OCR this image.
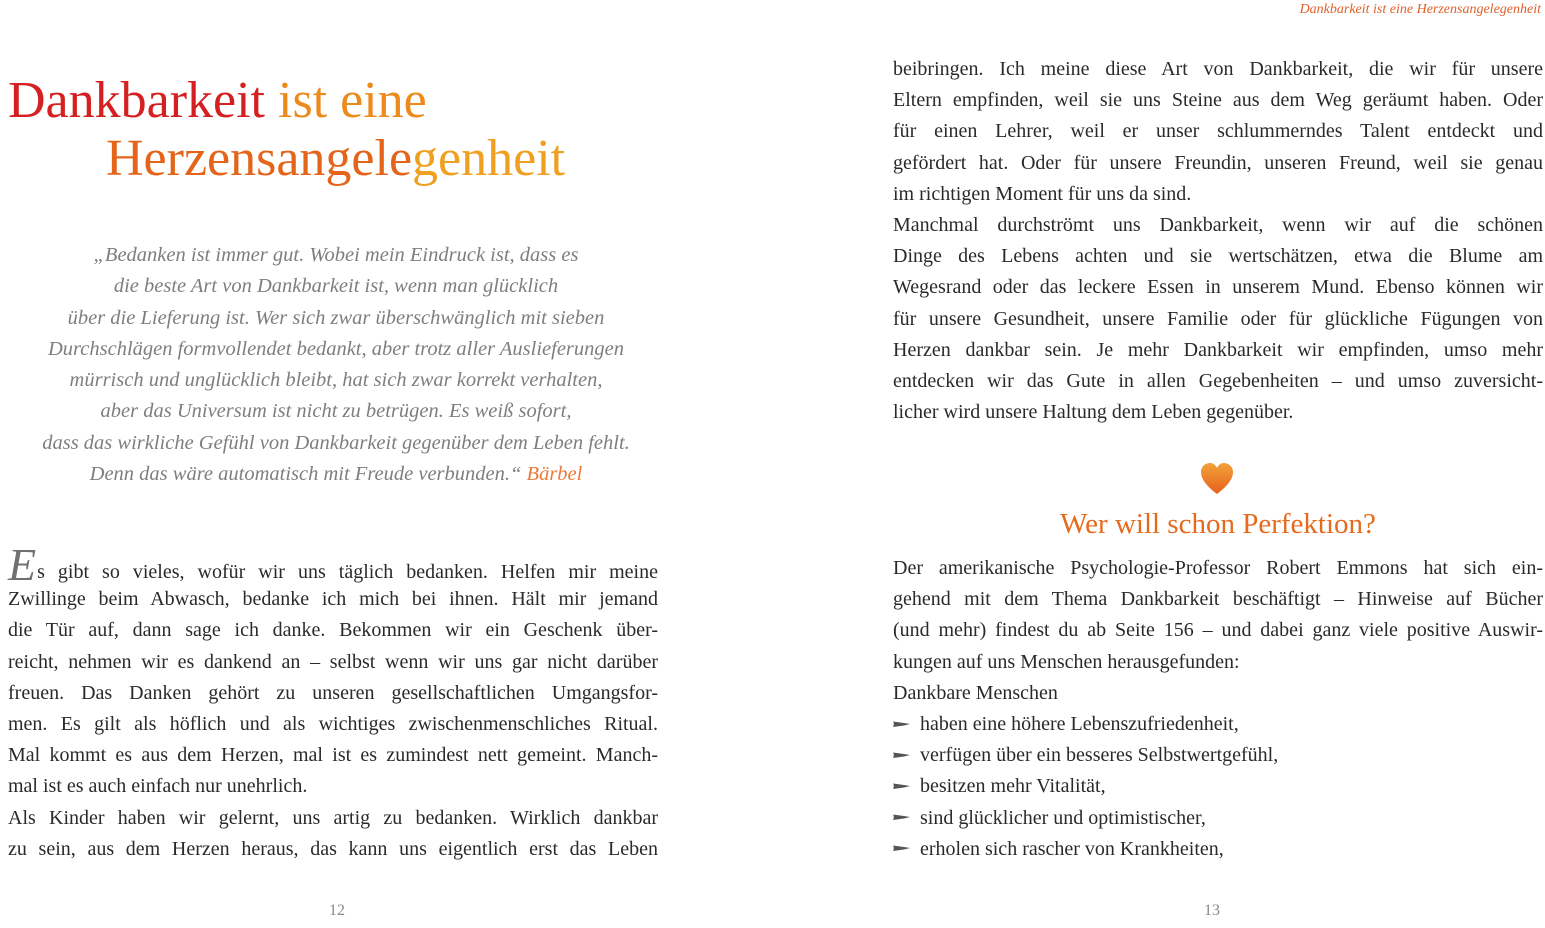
Dankbarkeit ist eine Herzensangelegenheit
Dankbarkeit ist eine
Herzensangelegenheit
„Bedanken ist immer gut. Wobei mein Eindruck ist, dass es
die beste Art von Dankbarkeit ist, wenn man glücklich
über die Lieferung ist. Wer sich zwar überschwänglich mit sieben
Durchschlägen formvollendet bedankt, aber trotz aller Auslieferungen
mürrisch und unglücklich bleibt, hat sich zwar korrekt verhalten,
aber das Universum ist nicht zu betrügen. Es weiß sofort,
dass das wirkliche Gefühl von Dankbarkeit gegenüber dem Leben fehlt.
Denn das wäre automatisch mit Freude verbunden.“ Bärbel
Es gibt so vieles, wofür wir uns täglich bedanken. Helfen mir meine
Zwillinge beim Abwasch, bedanke ich mich bei ihnen. Hält mir jemand
die Tür auf, dann sage ich danke. Bekommen wir ein Geschenk über-
reicht, nehmen wir es dankend an – selbst wenn wir uns gar nicht darüber
freuen. Das Danken gehört zu unseren gesellschaftlichen Umgangsfor-
men. Es gilt als höflich und als wichtiges zwischenmenschliches Ritual.
Mal kommt es aus dem Herzen, mal ist es zumindest nett gemeint. Manch-
mal ist es auch einfach nur unehrlich.
Als Kinder haben wir gelernt, uns artig zu bedanken. Wirklich dankbar
zu sein, aus dem Herzen heraus, das kann uns eigentlich erst das Leben
beibringen. Ich meine diese Art von Dankbarkeit, die wir für unsere
Eltern empfinden, weil sie uns Steine aus dem Weg geräumt haben. Oder
für einen Lehrer, weil er unser schlummerndes Talent entdeckt und
gefördert hat. Oder für unsere Freundin, unseren Freund, weil sie genau
im richtigen Moment für uns da sind.
Manchmal durchströmt uns Dankbarkeit, wenn wir auf die schönen
Dinge des Lebens achten und sie wertschätzen, etwa die Blume am
Wegesrand oder das leckere Essen in unserem Mund. Ebenso können wir
für unsere Gesundheit, unsere Familie oder für glückliche Fügungen von
Herzen dankbar sein. Je mehr Dankbarkeit wir empfinden, umso mehr
entdecken wir das Gute in allen Gegebenheiten – und umso zuversicht-
licher wird unsere Haltung dem Leben gegenüber.
Wer will schon Perfektion?
Der amerikanische Psychologie-Professor Robert Emmons hat sich ein-
gehend mit dem Thema Dankbarkeit beschäftigt – Hinweise auf Bücher
(und mehr) findest du ab Seite 156 – und dabei ganz viele positive Auswir-
kungen auf uns Menschen herausgefunden:
Dankbare Menschen
haben eine höhere Lebenszufriedenheit,
verfügen über ein besseres Selbstwertgefühl,
besitzen mehr Vitalität,
sind glücklicher und optimistischer,
erholen sich rascher von Krankheiten,
12	13
